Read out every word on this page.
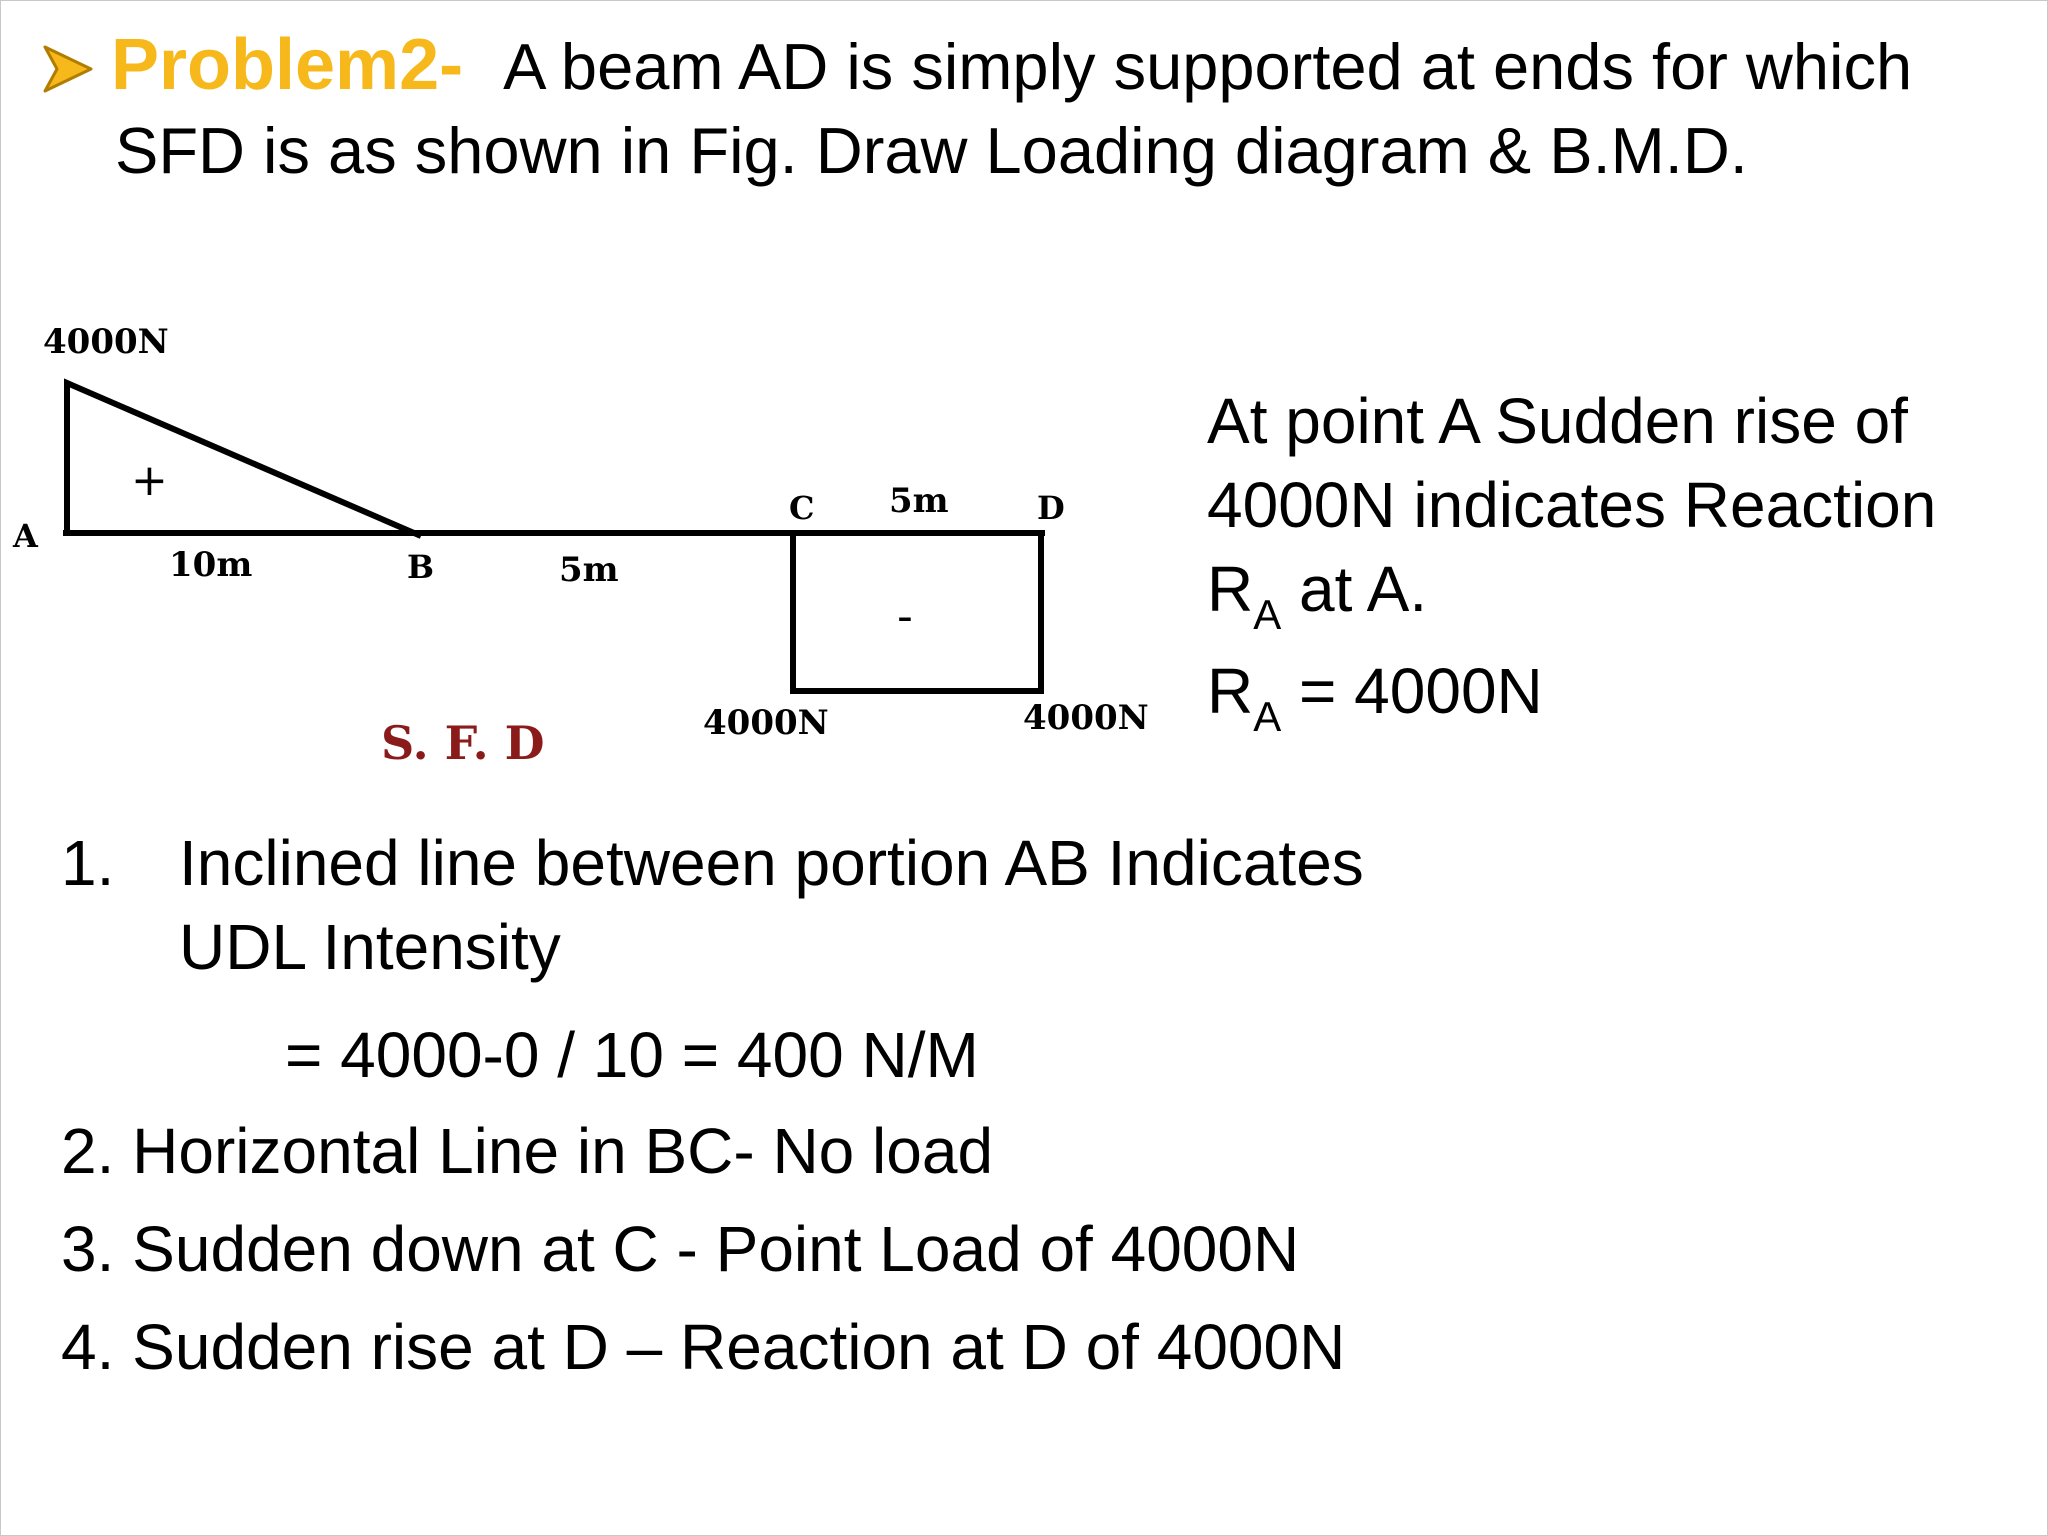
Problem2- A beam AD is simply supported at ends for which
SFD is as shown in Fig. Draw Loading diagram & B.M.D.
4000N
+
A
10m	B	5m
C 5m	D
-
4000N	4000N
S. F. D

At point A Sudden rise of

4000N indicates Reaction

$R_A$ at A.

$R_A = 4000N$

1. Inclined line between portion AB Indicates
UDL Intensity
= 4000-0 / 10 = 400 N/M
2. Horizontal Line in BC- No load
3. Sudden down at C - Point Load of 4000N
4. Sudden rise at D – Reaction at D of 4000N
